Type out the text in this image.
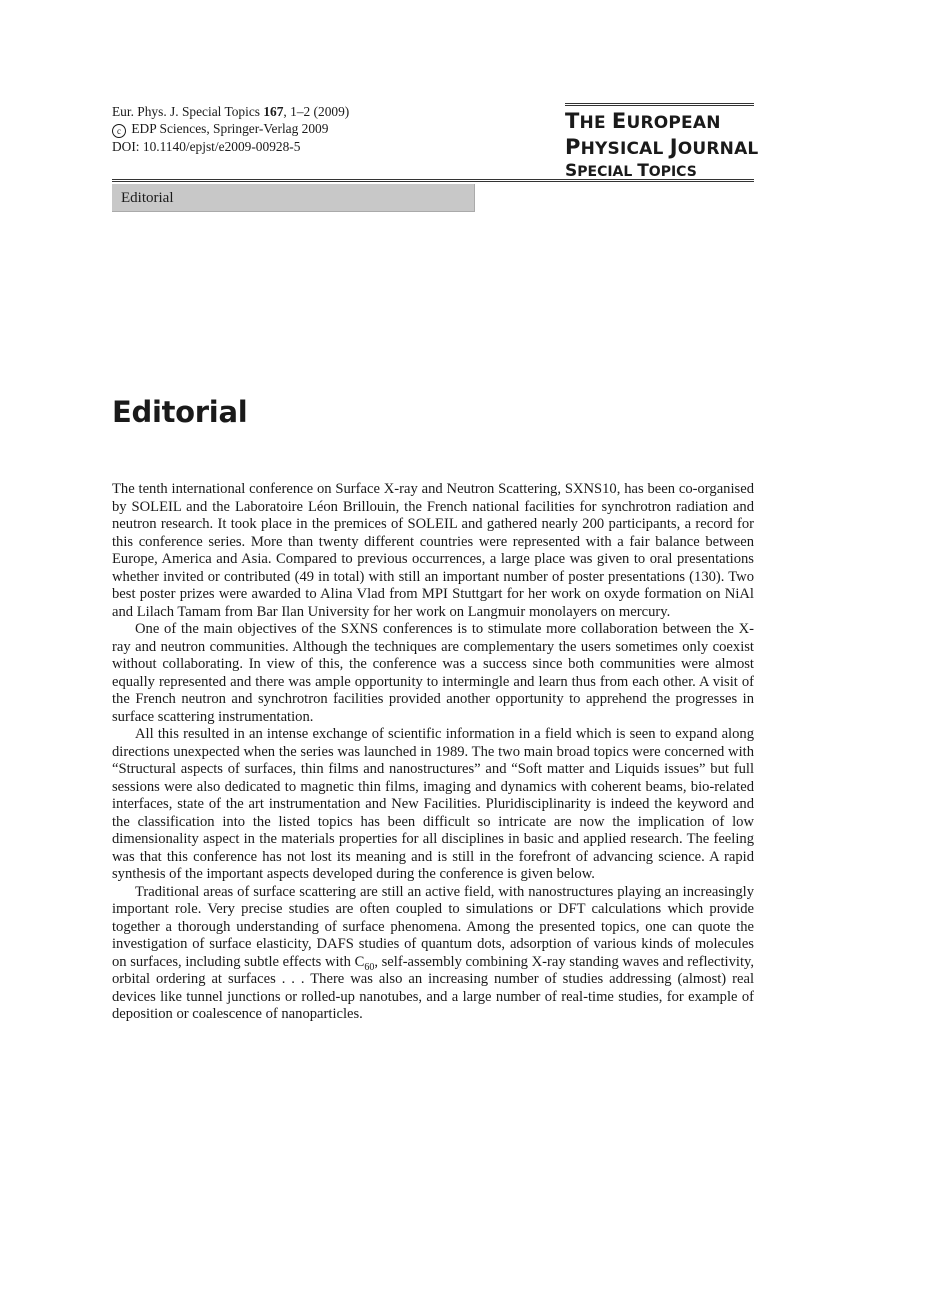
Eur. Phys. J. Special Topics 167, 1–2 (2009)
c EDP Sciences, Springer-Verlag 2009
DOI: 10.1140/epjst/e2009-00928-5
THE EUROPEAN
PHYSICAL JOURNAL
SPECIAL TOPICS
Editorial
Editorial

The tenth international conference on Surface X-ray and Neutron Scattering, SXNS10, has been co-organised by SOLEIL and the Laboratoire Léon Brillouin, the French national facilities for synchrotron radiation and neutron research. It took place in the premices of SOLEIL and gathered nearly 200 participants, a record for this conference series. More than twenty different countries were represented with a fair balance between Europe, America and Asia. Compared to previous occurrences, a large place was given to oral presentations whether invited or contributed (49 in total) with still an important number of poster presentations (130). Two best poster prizes were awarded to Alina Vlad from MPI Stuttgart for her work on oxyde formation on NiAl and Lilach Tamam from Bar Ilan University for her work on Langmuir monolayers on mercury.

One of the main objectives of the SXNS conferences is to stimulate more collaboration between the X-ray and neutron communities. Although the techniques are complementary the users sometimes only coexist without collaborating. In view of this, the conference was a success since both communities were almost equally represented and there was ample opportunity to intermingle and learn thus from each other. A visit of the French neutron and synchrotron facilities provided another opportunity to apprehend the progresses in surface scattering instrumentation.

All this resulted in an intense exchange of scientific information in a field which is seen to expand along directions unexpected when the series was launched in 1989. The two main broad topics were concerned with “Structural aspects of surfaces, thin films and nanostructures” and “Soft matter and Liquids issues” but full sessions were also dedicated to magnetic thin films, imaging and dynamics with coherent beams, bio-related interfaces, state of the art instrumentation and New Facilities. Pluridisciplinarity is indeed the keyword and the classification into the listed topics has been difficult so intricate are now the implication of low dimensionality aspect in the materials properties for all disciplines in basic and applied research. The feeling was that this conference has not lost its meaning and is still in the forefront of advancing science. A rapid synthesis of the important aspects developed during the conference is given below.

Traditional areas of surface scattering are still an active field, with nanostructures playing an increasingly important role. Very precise studies are often coupled to simulations or DFT calculations which provide together a thorough understanding of surface phenomena. Among the presented topics, one can quote the investigation of surface elasticity, DAFS studies of quantum dots, adsorption of various kinds of molecules on surfaces, including subtle effects with $C_{60}$, self-assembly combining X-ray standing waves and reflectivity, orbital ordering at surfaces . . . There was also an increasing number of studies addressing (almost) real devices like tunnel junctions or rolled-up nanotubes, and a large number of real-time studies, for example of deposition or coalescence of nanoparticles.
